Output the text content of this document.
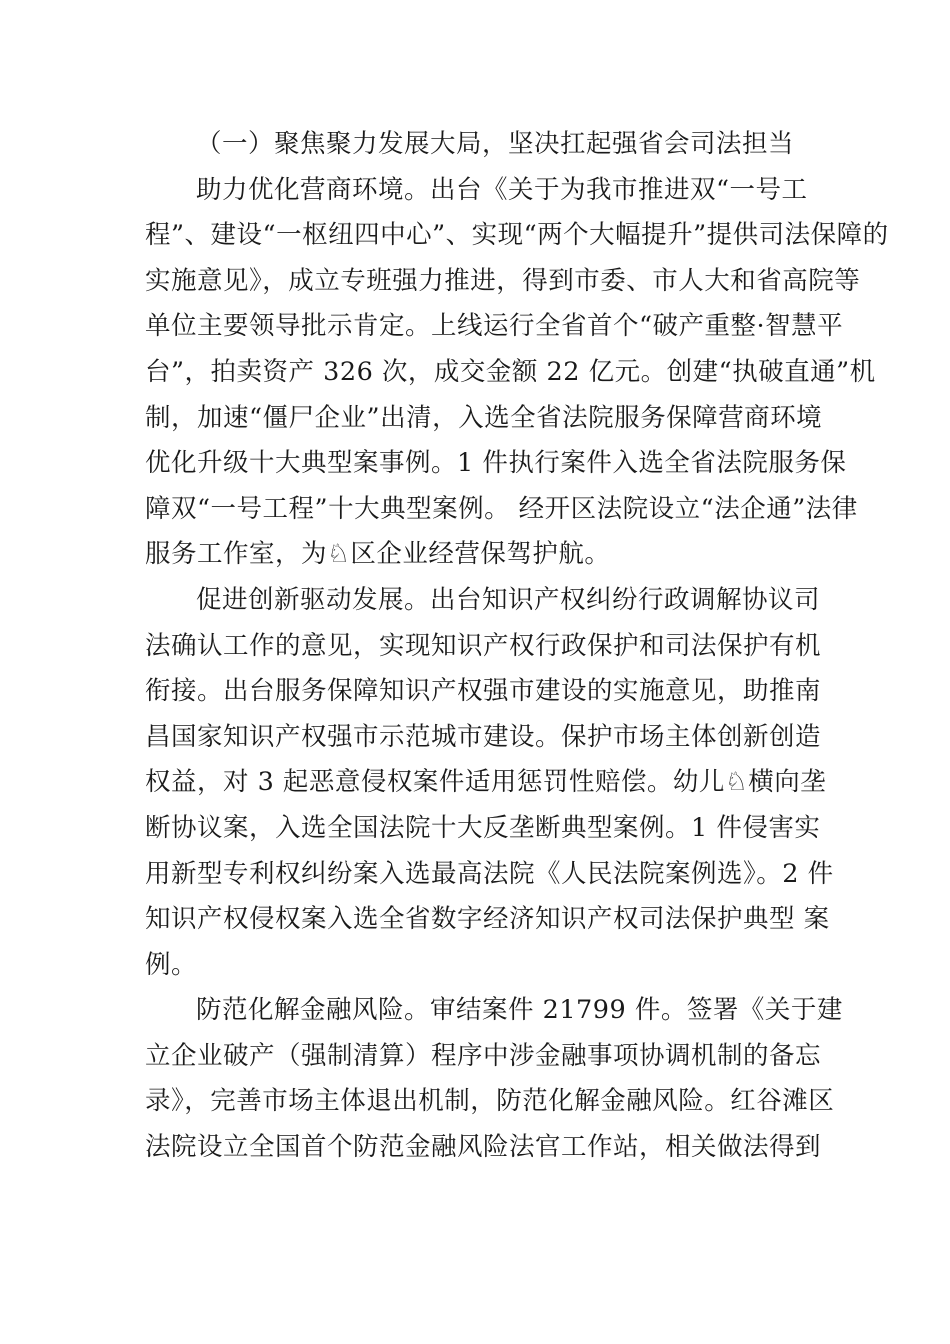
（一）聚焦聚力发展大局，坚决扛起强省会司法担当
助力优化营商环境。出台《关于为我市推进双“一号工
程”、建设“一枢纽四中心”、实现“两个大幅提升”提供司法保障的
实施意见》，成立专班强力推进，得到市委、市人大和省高院等
单位主要领导批示肯定。上线运行全省首个“破产重整·智慧平
台”，拍卖资产 326 次，成交金额 22 亿元。创建“执破直通”机
制，加速“僵尸企业”出清，入选全省法院服务保障营商环境
优化升级十大典型案事例。1 件执行案件入选全省法院服务保
障双“一号工程”十大典型案例。 经开区法院设立“法企通”法律
服务工作室，为♘区企业经营保驾护航。
促进创新驱动发展。出台知识产权纠纷行政调解协议司
法确认工作的意见，实现知识产权行政保护和司法保护有机
衔接。出台服务保障知识产权强市建设的实施意见，助推南
昌国家知识产权强市示范城市建设。保护市场主体创新创造
权益，对 3 起恶意侵权案件适用惩罚性赔偿。幼儿♘横向垄
断协议案，入选全国法院十大反垄断典型案例。1 件侵害实
用新型专利权纠纷案入选最高法院《人民法院案例选》。2 件
知识产权侵权案入选全省数字经济知识产权司法保护典型 案
例。
防范化解金融风险。审结案件 21799 件。签署《关于建
立企业破产（强制清算）程序中涉金融事项协调机制的备忘
录》，完善市场主体退出机制，防范化解金融风险。红谷滩区
法院设立全国首个防范金融风险法官工作站，相关做法得到
